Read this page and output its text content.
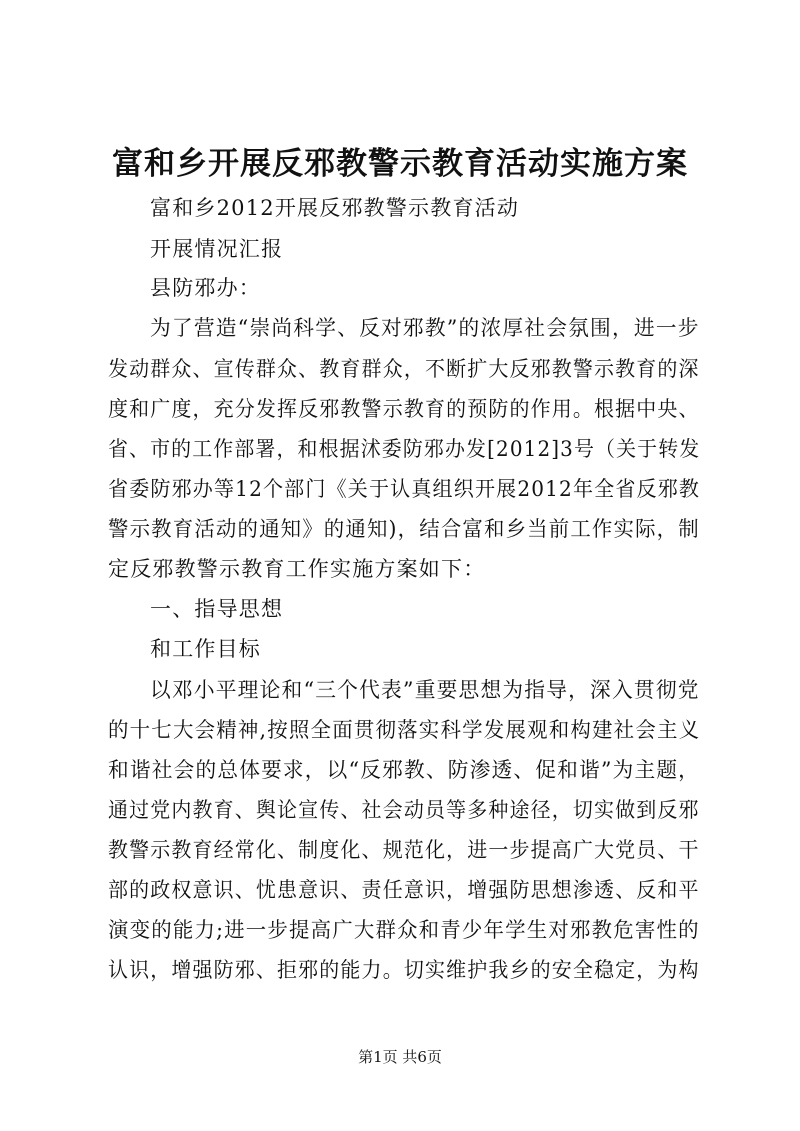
富和乡开展反邪教警示教育活动实施方案
富和乡2012开展反邪教警示教育活动
开展情况汇报
县防邪办：
为了营造“崇尚科学、反对邪教”的浓厚社会氛围，进一步
发动群众、宣传群众、教育群众，不断扩大反邪教警示教育的深
度和广度，充分发挥反邪教警示教育的预防的作用。根据中央、
省、市的工作部署，和根据沭委防邪办发[2012]3号（关于转发
省委防邪办等12个部门《关于认真组织开展2012年全省反邪教
警示教育活动的通知》的通知)，结合富和乡当前工作实际，制
定反邪教警示教育工作实施方案如下：
一、指导思想
和工作目标
以邓小平理论和“三个代表”重要思想为指导，深入贯彻党
的十七大会精神,按照全面贯彻落实科学发展观和构建社会主义
和谐社会的总体要求，以“反邪教、防渗透、促和谐”为主题，
通过党内教育、舆论宣传、社会动员等多种途径，切实做到反邪
教警示教育经常化、制度化、规范化，进一步提高广大党员、干
部的政权意识、忧患意识、责任意识，增强防思想渗透、反和平
演变的能力;进一步提高广大群众和青少年学生对邪教危害性的
认识，增强防邪、拒邪的能力。切实维护我乡的安全稳定，为构
第1页 共6页
